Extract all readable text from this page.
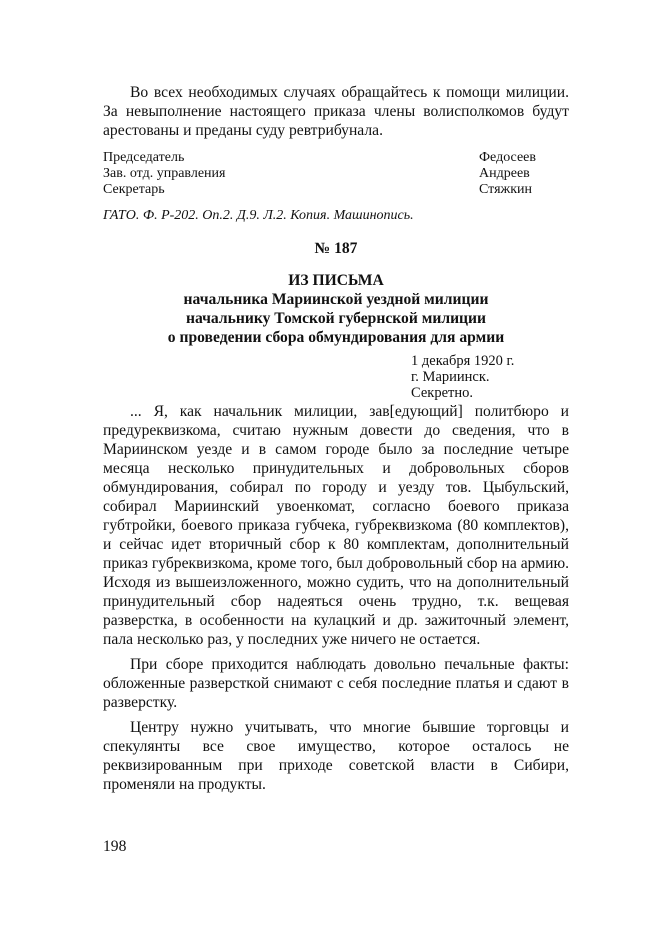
Во всех необходимых случаях обращайтесь к помощи милиции. За невыполнение настоящего приказа члены волисполкомов будут арестованы и преданы суду ревтрибунала.

Председатель	Федосеев
Зав. отд. управления	Андреев
Секретарь	Стяжкин
ГАТО. Ф. Р-202. Оп.2. Д.9. Л.2. Копия. Машинопись.
№ 187
ИЗ ПИСЬМА
начальника Мариинской уездной милиции
начальнику Томской губернской милиции
о проведении сбора обмундирования для армии
1 декабря 1920 г.
г. Мариинск.
Секретно.

... Я, как начальник милиции, зав[едующий] политбюро и предуреквизкома, считаю нужным довести до сведения, что в Мариинском уезде и в самом городе было за последние четыре месяца несколько принудительных и добровольных сборов обмундирования, собирал по городу и уезду тов. Цыбульский, собирал Мариинский увоенкомат, согласно боевого приказа губтройки, боевого приказа губчека, губреквизкома (80 комплектов), и сейчас идет вторичный сбор к 80 комплектам, дополнительный приказ губреквизкома, кроме того, был добровольный сбор на армию. Исходя из вышеизложенного, можно судить, что на дополнительный принудительный сбор надеяться очень трудно, т.к. вещевая разверстка, в особенности на кулацкий и др. зажиточный элемент, пала несколько раз, у последних уже ничего не остается.

При сборе приходится наблюдать довольно печальные факты: обложенные разверсткой снимают с себя последние платья и сдают в разверстку.

Центру нужно учитывать, что многие бывшие торговцы и спекулянты все свое имущество, которое осталось не реквизированным при приходе советской власти в Сибири, променяли на продукты.

198
